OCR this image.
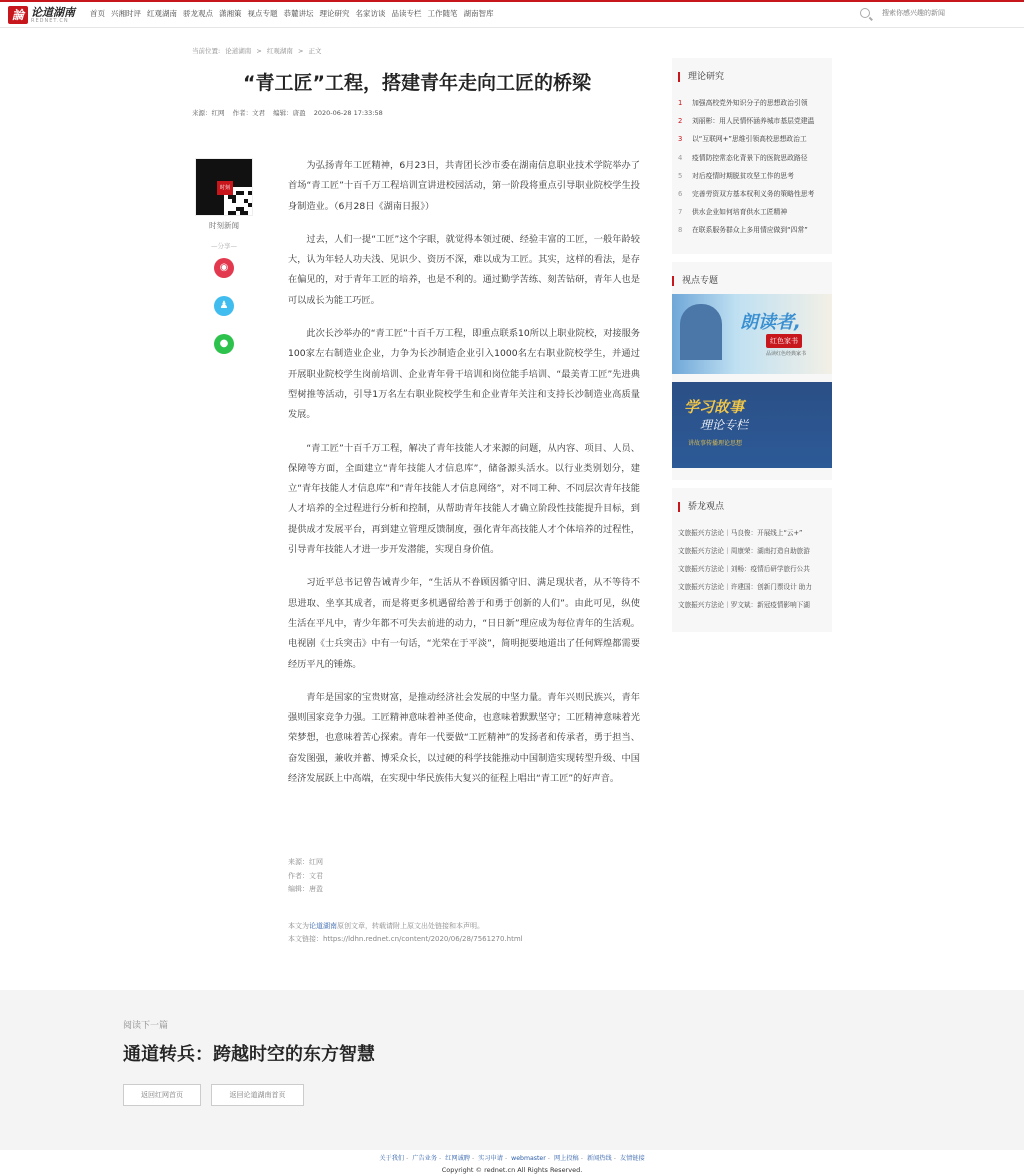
論 论道湖南
REDNET.CN
首页 兴湘时评 红观湖南 骄龙观点 潇湘策 视点专题 恭麓讲坛 理论研究 名家访谈 品读专栏 工作随笔 湖南智库
搜索你感兴趣的新闻
当前位置: 论道湖南 > 红观湖南 > 正文
“青工匠”工程，搭建青年走向工匠的桥梁
来源：红网 作者：文君 编辑：唐盈 2020-06-28 17:33:58
时刻
时刻新闻
—分享—
◉
♟
●

为弘扬青年工匠精神，6月23日，共青团长沙市委在湖南信息职业技术学院举办了首场“青工匠”十百千万工程培训宣讲进校园活动，第一阶段将重点引导职业院校学生投身制造业。（6月28日《湖南日报》）

过去，人们一提“工匠”这个字眼，就觉得本领过硬、经验丰富的工匠，一般年龄较大，认为年轻人功夫浅、见识少、资历不深，难以成为工匠。其实，这样的看法，是存在偏见的，对于青年工匠的培养，也是不利的。通过勤学苦练、刻苦钻研，青年人也是可以成长为能工巧匠。

此次长沙举办的“青工匠”十百千万工程，即重点联系10所以上职业院校，对接服务100家左右制造业企业，力争为长沙制造企业引入1000名左右职业院校学生，并通过开展职业院校学生岗前培训、企业青年骨干培训和岗位能手培训、“最美青工匠”先进典型树推等活动，引导1万名左右职业院校学生和企业青年关注和支持长沙制造业高质量发展。

“青工匠”十百千万工程，解决了青年技能人才来源的问题，从内容、项目、人员、保障等方面，全面建立“青年技能人才信息库”，储备源头活水。以行业类别划分，建立“青年技能人才信息库”和“青年技能人才信息网络”，对不同工种、不同层次青年技能人才培养的全过程进行分析和控制，从帮助青年技能人才确立阶段性技能提升目标，到提供成才发展平台，再到建立管理反馈制度，强化青年高技能人才个体培养的过程性，引导青年技能人才进一步开发潜能，实现自身价值。

习近平总书记曾告诫青少年，“生活从不眷顾因循守旧、满足现状者，从不等待不思进取、坐享其成者，而是将更多机遇留给善于和勇于创新的人们”。由此可见，纵使生活在平凡中，青少年都不可失去前进的动力，“日日新”理应成为每位青年的生活观。电视剧《士兵突击》中有一句话，“光荣在于平淡”，简明扼要地道出了任何辉煌都需要经历平凡的锤炼。

青年是国家的宝贵财富，是推动经济社会发展的中坚力量。青年兴则民族兴，青年强则国家竞争力强。工匠精神意味着神圣使命，也意味着默默坚守；工匠精神意味着光荣梦想，也意味着苦心探索。青年一代要做“工匠精神”的发扬者和传承者，勇于担当、奋发图强，兼收并蓄、博采众长，以过硬的科学技能推动中国制造实现转型升级、中国经济发展跃上中高端，在实现中华民族伟大复兴的征程上唱出“青工匠”的好声音。

来源：红网
作者：文君
编辑：唐盈
本文为论道湖南原创文章，转载请附上原文出处链接和本声明。
本文链接：https://ldhn.rednet.cn/content/2020/06/28/7561270.html
理论研究
1 加强高校党外知识分子的思想政治引领
2 刘丽彬：用人民情怀涵养城市基层党建温
3 以“互联网+”思维引领高校思想政治工
4 疫情防控常态化背景下的医院思政路径
5 对后疫情时期脱贫攻坚工作的思考
6 完善劳资双方基本权利义务的策略性思考
7 供水企业如何培育供水工匠精神
8 在联系服务群众上多用情应做到“四常”
视点专题
朗读者,
红色家书
品读红色经典家书
学习故事
理论专栏
讲故事传播理论思想
骄龙观点
文旅振兴方法论｜马良俊：开展线上“云+”
文旅振兴方法论｜周康荣：湖南打造自助旅游
文旅振兴方法论｜刘畅：疫情后研学旅行公共
文旅振兴方法论｜许建国：创新门票设计 助力
文旅振兴方法论｜罗文斌：新冠疫情影响下湖
阅读下一篇
通道转兵：跨越时空的东方智慧
返回红网首页	返回论道湖南首页
关于我们 - 广告业务 - 红网诚聘 - 实习申请 - webmaster - 网上投稿 - 新闻热线 - 友情链接
Copyright © rednet.cn All Rights Reserved.
